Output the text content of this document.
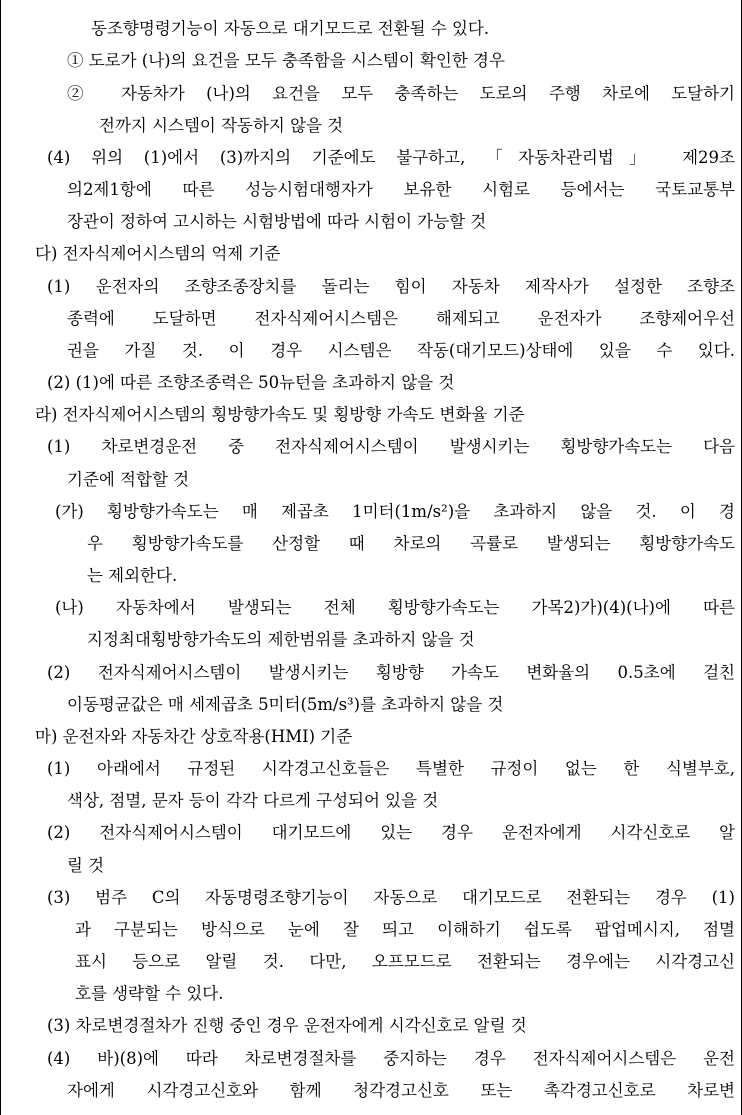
동조향명령기능이 자동으로 대기모드로 전환될 수 있다.
① 도로가 (나)의 요건을 모두 충족함을 시스템이 확인한 경우
② 자동차가 (나)의 요건을 모두 충족하는 도로의 주행 차로에 도달하기
전까지 시스템이 작동하지 않을 것
(4) 위의 (1)에서 (3)까지의 기준에도 불구하고, 「자동차관리법」 제29조
의2제1항에 따른 성능시험대행자가 보유한 시험로 등에서는 국토교통부
장관이 정하여 고시하는 시험방법에 따라 시험이 가능할 것
다) 전자식제어시스템의 억제 기준
(1) 운전자의 조향조종장치를 돌리는 힘이 자동차 제작사가 설정한 조향조
종력에 도달하면 전자식제어시스템은 해제되고 운전자가 조향제어우선
권을 가질 것. 이 경우 시스템은 작동(대기모드)상태에 있을 수 있다.
(2) (1)에 따른 조향조종력은 50뉴턴을 초과하지 않을 것
라) 전자식제어시스템의 횡방향가속도 및 횡방향 가속도 변화율 기준
(1) 차로변경운전 중 전자식제어시스템이 발생시키는 횡방향가속도는 다음
기준에 적합할 것
(가) 횡방향가속도는 매 제곱초 1미터(1m/s²)을 초과하지 않을 것. 이 경
우 횡방향가속도를 산정할 때 차로의 곡률로 발생되는 횡방향가속도
는 제외한다.
(나) 자동차에서 발생되는 전체 횡방향가속도는 가목2)가)(4)(나)에 따른
지정최대횡방향가속도의 제한범위를 초과하지 않을 것
(2) 전자식제어시스템이 발생시키는 횡방향 가속도 변화율의 0.5초에 걸친
이동평균값은 매 세제곱초 5미터(5m/s³)를 초과하지 않을 것
마) 운전자와 자동차간 상호작용(HMI) 기준
(1) 아래에서 규정된 시각경고신호들은 특별한 규정이 없는 한 식별부호,
색상, 점멸, 문자 등이 각각 다르게 구성되어 있을 것
(2) 전자식제어시스템이 대기모드에 있는 경우 운전자에게 시각신호로 알
릴 것
(3) 범주 C의 자동명령조향기능이 자동으로 대기모드로 전환되는 경우 (1)
과 구분되는 방식으로 눈에 잘 띄고 이해하기 쉽도록 팝업메시지, 점멸
표시 등으로 알릴 것. 다만, 오프모드로 전환되는 경우에는 시각경고신
호를 생략할 수 있다.
(3) 차로변경절차가 진행 중인 경우 운전자에게 시각신호로 알릴 것
(4) 바)(8)에 따라 차로변경절차를 중지하는 경우 전자식제어시스템은 운전
자에게 시각경고신호와 함께 청각경고신호 또는 촉각경고신호로 차로변
